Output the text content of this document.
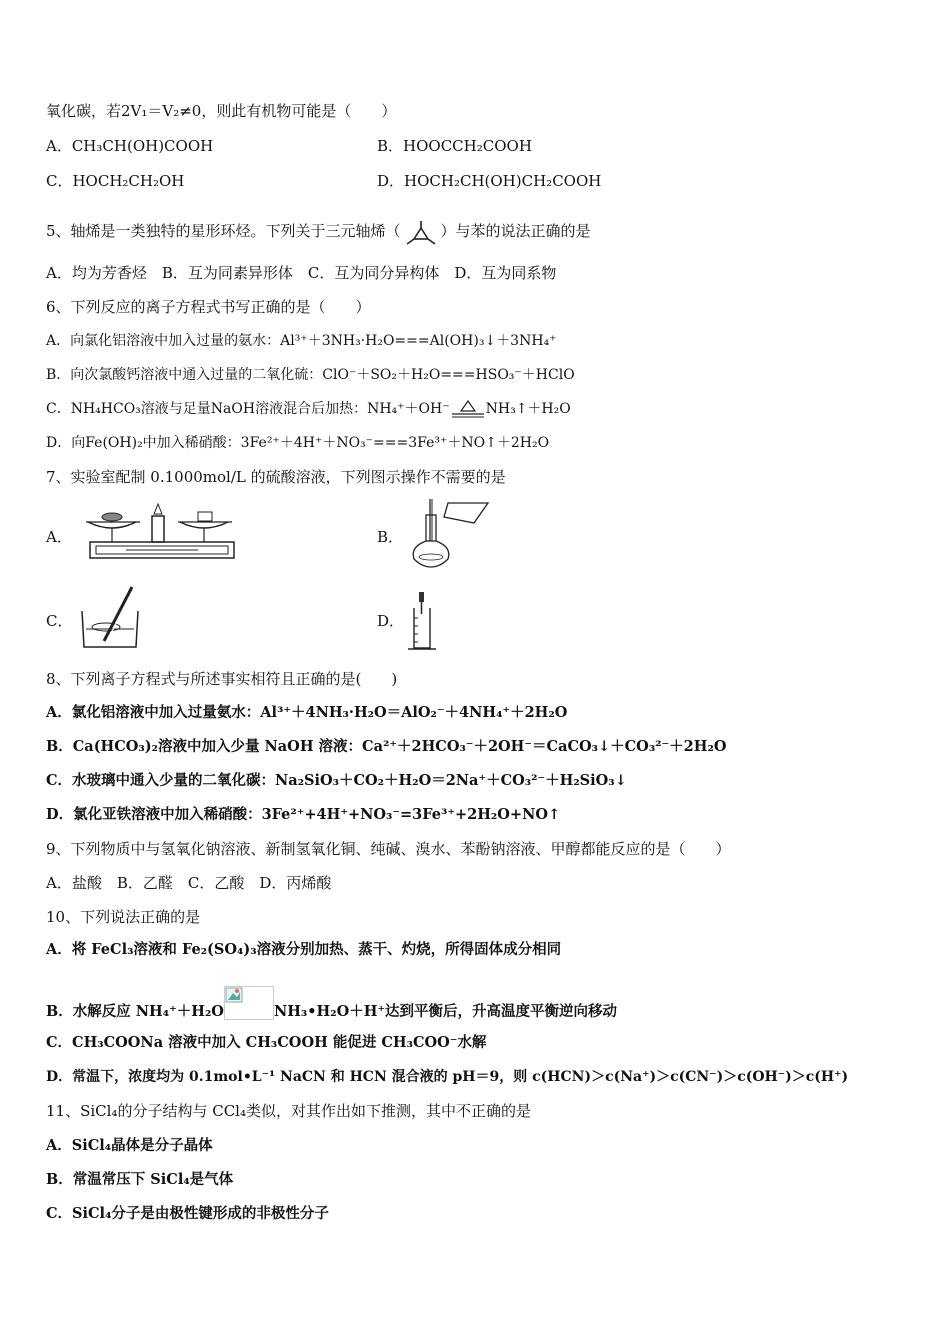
氧化碳，若2V₁＝V₂≠0，则此有机物可能是（　　）
A．CH₃CH(OH)COOH	B．HOOCCH₂COOH
C．HOCH₂CH₂OH	D．HOCH₂CH(OH)CH₂COOH
5、轴烯是一类独特的星形环烃。下列关于三元轴烯（	）与苯的说法正确的是
A．均为芳香烃　B．互为同素异形体　C．互为同分异构体　D．互为同系物
6、下列反应的离子方程式书写正确的是（　　）
A．向氯化铝溶液中加入过量的氨水：Al³⁺＋3NH₃·H₂O===Al(OH)₃↓＋3NH₄⁺
B．向次氯酸钙溶液中通入过量的二氧化硫：ClO⁻＋SO₂＋H₂O===HSO₃⁻＋HClO
C．NH₄HCO₃溶液与足量NaOH溶液混合后加热：NH₄⁺＋OH⁻	NH₃↑＋H₂O
D．向Fe(OH)₂中加入稀硝酸：3Fe²⁺＋4H⁺＋NO₃⁻===3Fe³⁺＋NO↑＋2H₂O
7、实验室配制 0.1000mol/L 的硫酸溶液，下列图示操作不需要的是
A．	B．
C．	D．
8、下列离子方程式与所述事实相符且正确的是(　　)
A．氯化铝溶液中加入过量氨水：Al³⁺＋4NH₃·H₂O＝AlO₂⁻＋4NH₄⁺＋2H₂O
B．Ca(HCO₃)₂溶液中加入少量 NaOH 溶液：Ca²⁺＋2HCO₃⁻＋2OH⁻＝CaCO₃↓＋CO₃²⁻＋2H₂O
C．水玻璃中通入少量的二氧化碳：Na₂SiO₃＋CO₂＋H₂O＝2Na⁺＋CO₃²⁻＋H₂SiO₃↓
D．氯化亚铁溶液中加入稀硝酸：3Fe²⁺+4H⁺+NO₃⁻=3Fe³⁺+2H₂O+NO↑
9、下列物质中与氢氧化钠溶液、新制氢氧化铜、纯碱、溴水、苯酚钠溶液、甲醇都能反应的是（　　）
A．盐酸　B．乙醛　C．乙酸　D．丙烯酸
10、下列说法正确的是
A．将 FeCl₃溶液和 Fe₂(SO₄)₃溶液分别加热、蒸干、灼烧，所得固体成分相同
B．水解反应 NH₄⁺＋H₂O	NH₃•H₂O＋H⁺达到平衡后，升高温度平衡逆向移动
C．CH₃COONa 溶液中加入 CH₃COOH 能促进 CH₃COO⁻水解
D．常温下，浓度均为 0.1mol•L⁻¹ NaCN 和 HCN 混合液的 pH＝9，则 c(HCN)＞c(Na⁺)＞c(CN⁻)＞c(OH⁻)＞c(H⁺)
11、SiCl₄的分子结构与 CCl₄类似，对其作出如下推测，其中不正确的是
A．SiCl₄晶体是分子晶体
B．常温常压下 SiCl₄是气体
C．SiCl₄分子是由极性键形成的非极性分子
